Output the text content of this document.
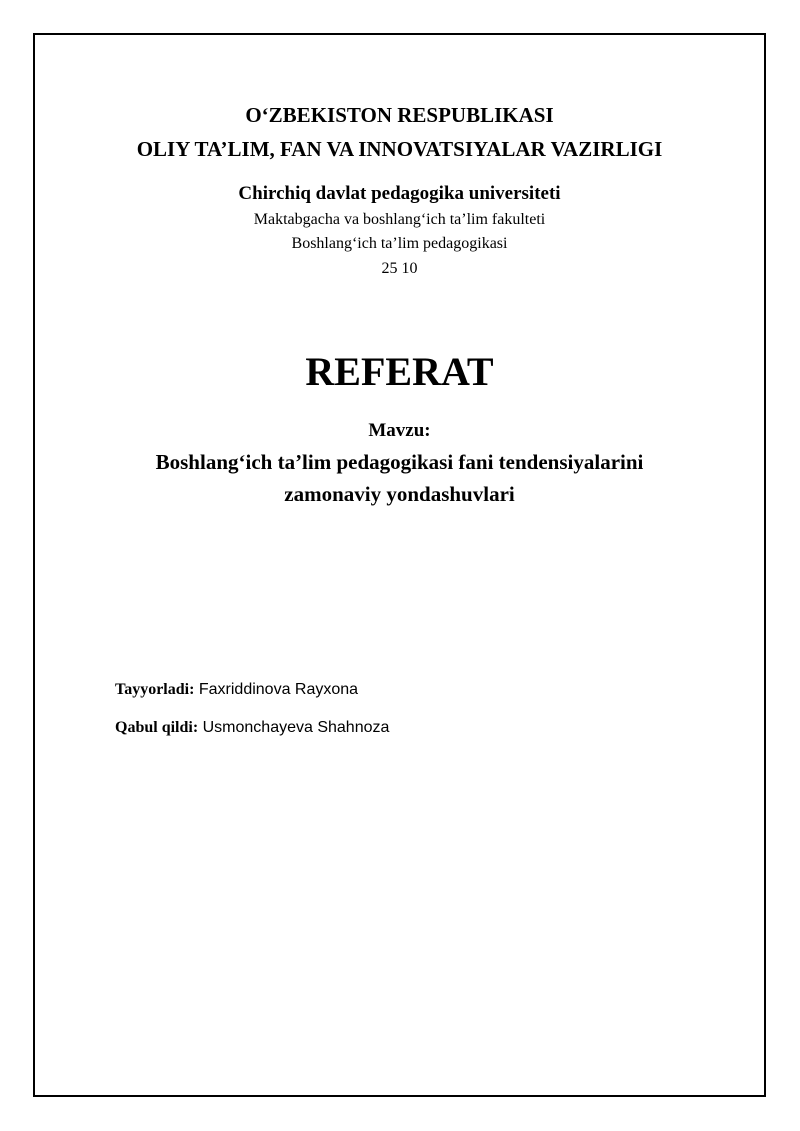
O‘ZBEKISTON RESPUBLIKASI
OLIY TA’LIM, FAN VA INNOVATSIYALAR VAZIRLIGI
Chirchiq davlat pedagogika universiteti
Maktabgacha va boshlang‘ich ta’lim fakulteti
Boshlang‘ich ta’lim pedagogikasi
25 10
REFERAT
Mavzu:
Boshlang‘ich ta’lim pedagogikasi fani tendensiyalarini
zamonaviy yondashuvlari
Tayyorladi: Faxriddinova Rayxona
Qabul qildi: Usmonchayeva Shahnoza
